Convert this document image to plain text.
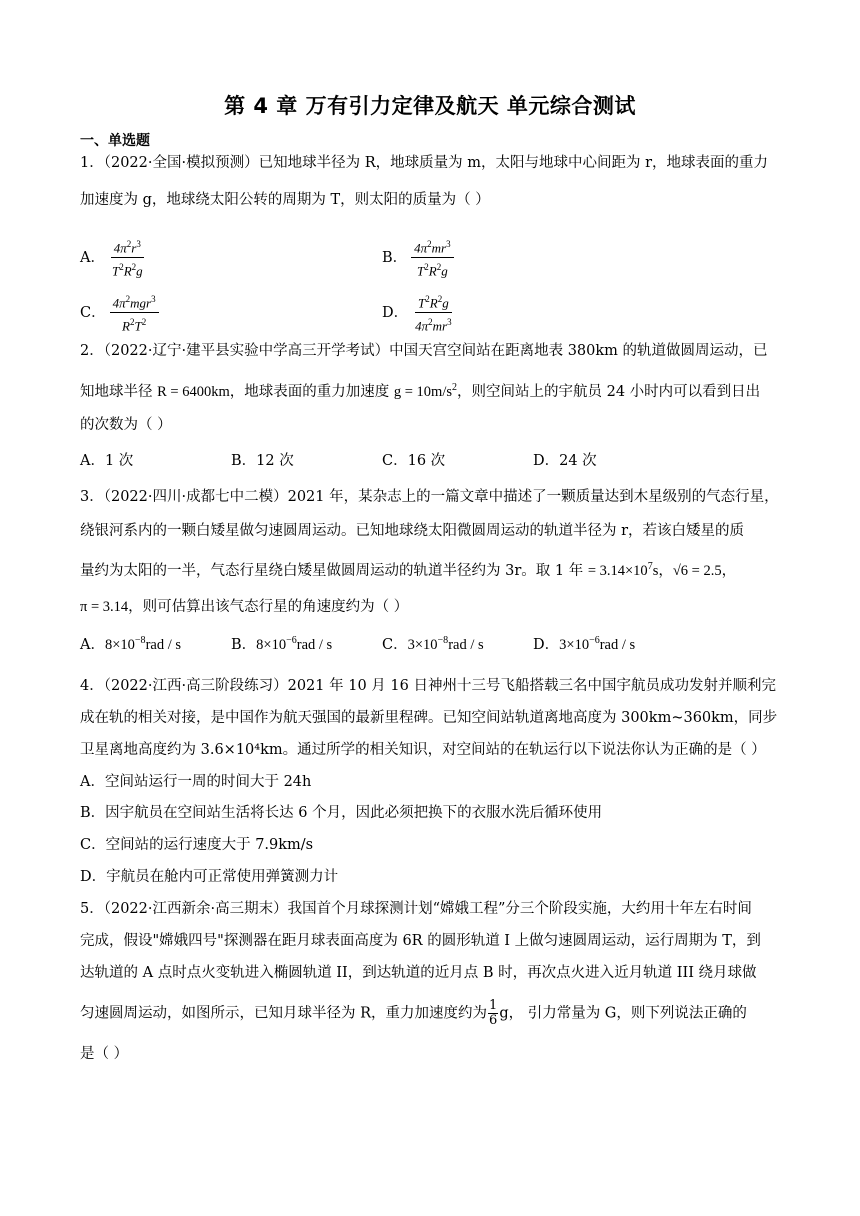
第 4 章 万有引力定律及航天 单元综合测试
一、单选题
1．（2022·全国·模拟预测）已知地球半径为 R，地球质量为 m，太阳与地球中心间距为 r，地球表面的重力
加速度为 g，地球绕太阳公转的周期为 T，则太阳的质量为（ ）
A． $\frac{4\pi^2r^3}{T^2R^2g}$	B． $\frac{4\pi^2mr^3}{T^2R^2g}$
C． $\frac{4\pi^2mgr^3}{R^2T^2}$	D． $\frac{T^2R^2g}{4\pi^2mr^3}$
2．（2022·辽宁·建平县实验中学高三开学考试）中国天宫空间站在距离地表 380km 的轨道做圆周运动，已
知地球半径 R = 6400km，地球表面的重力加速度 $g = 10m/s^2$，则空间站上的宇航员 24 小时内可以看到日出
的次数为（ ）
A．1 次	B．12 次	C．16 次	D．24 次
3．（2022·四川·成都七中二模）2021 年，某杂志上的一篇文章中描述了一颗质量达到木星级别的气态行星，
绕银河系内的一颗白矮星做匀速圆周运动。已知地球绕太阳微圆周运动的轨道半径为 r，若该白矮星的质
量约为太阳的一半，气态行星绕白矮星做圆周运动的轨道半径约为 3r。取 1 年 = $3.14\times 10^7s$，√6 = 2.5，
π = 3.14，则可估算出该气态行星的角速度约为（ ）
A．$8\times 10^{-8}rad / s$	B．$8\times 10^{-6}rad / s$	C．$3\times 10^{-8}rad / s$	D．$3\times 10^{-6}rad / s$
4．（2022·江西·高三阶段练习）2021 年 10 月 16 日神州十三号飞船搭载三名中国宇航员成功发射并顺利完
成在轨的相关对接，是中国作为航天强国的最新里程碑。已知空间站轨道离地高度为 300km~360km，同步
卫星离地高度约为 3.6×10⁴km。通过所学的相关知识，对空间站的在轨运行以下说法你认为正确的是（ ）
A．空间站运行一周的时间大于 24h
B．因宇航员在空间站生活将长达 6 个月，因此必须把换下的衣服水洗后循环使用
C．空间站的运行速度大于 7.9km/s
D．宇航员在舱内可正常使用弹簧测力计
5．（2022·江西新余·高三期末）我国首个月球探测计划“嫦娥工程”分三个阶段实施，大约用十年左右时间
完成，假设"嫦娥四号"探测器在距月球表面高度为 6R 的圆形轨道 I 上做匀速圆周运动，运行周期为 T，到
达轨道的 A 点时点火变轨进入椭圆轨道 II，到达轨道的近月点 B 时，再次点火进入近月轨道 III 绕月球做
匀速圆周运动，如图所示，已知月球半径为 R，重力加速度约为 $\frac{1}{6}$ g， 引力常量为 G，则下列说法正确的
是（ ）
